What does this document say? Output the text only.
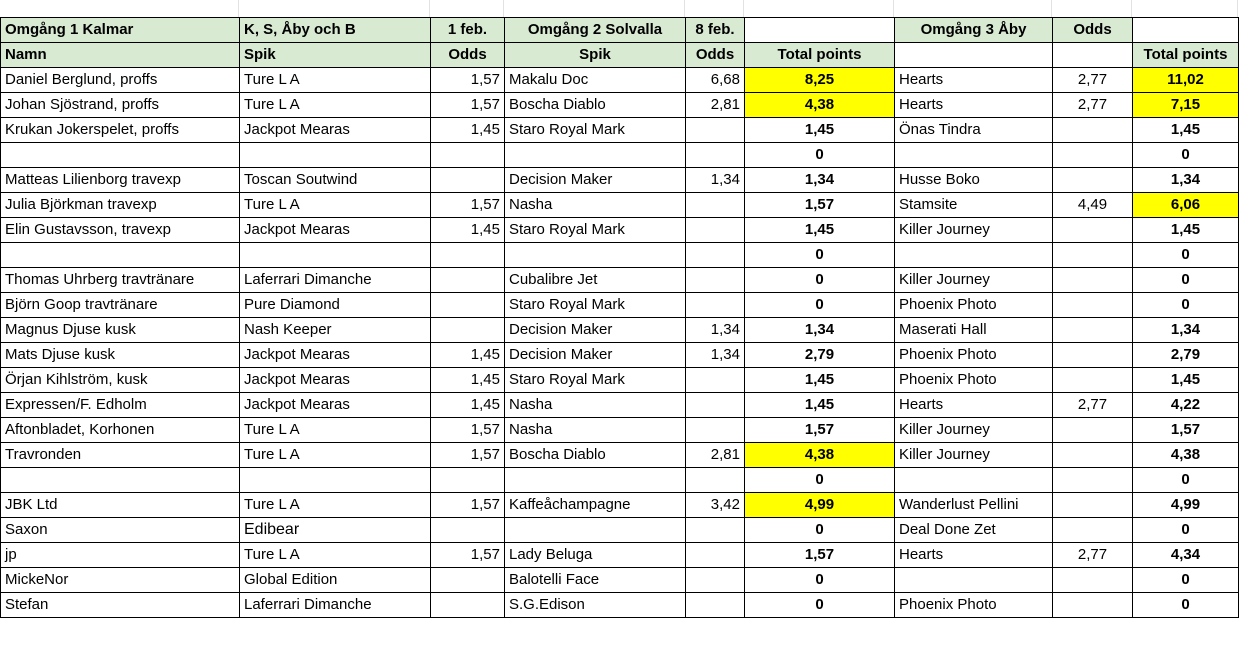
Omgång 1 Kalmar	K, S, Åby och B	1 feb.	Omgång 2 Solvalla	8 feb.		Omgång 3 Åby	Odds	
Namn	Spik	Odds	Spik	Odds	Total points			Total points
Daniel Berglund, proffs	Ture L A	1,57	Makalu Doc	6,68	8,25	Hearts	2,77	11,02
Johan Sjöstrand, proffs	Ture L A	1,57	Boscha Diablo	2,81	4,38	Hearts	2,77	7,15
Krukan Jokerspelet, proffs	Jackpot Mearas	1,45	Staro Royal Mark		1,45	Önas Tindra		1,45
					0			0
Matteas Lilienborg travexp	Toscan Soutwind		Decision Maker	1,34	1,34	Husse Boko		1,34
Julia Björkman travexp	Ture L A	1,57	Nasha		1,57	Stamsite	4,49	6,06
Elin Gustavsson, travexp	Jackpot Mearas	1,45	Staro Royal Mark		1,45	Killer Journey		1,45
					0			0
Thomas Uhrberg travtränare	Laferrari Dimanche		Cubalibre Jet		0	Killer Journey		0
Björn Goop travtränare	Pure Diamond		Staro Royal Mark		0	Phoenix Photo		0
Magnus Djuse kusk	Nash Keeper		Decision Maker	1,34	1,34	Maserati Hall		1,34
Mats Djuse kusk	Jackpot Mearas	1,45	Decision Maker	1,34	2,79	Phoenix Photo		2,79
Örjan Kihlström, kusk	Jackpot Mearas	1,45	Staro Royal Mark		1,45	Phoenix Photo		1,45
Expressen/F. Edholm	Jackpot Mearas	1,45	Nasha		1,45	Hearts	2,77	4,22
Aftonbladet, Korhonen	Ture L A	1,57	Nasha		1,57	Killer Journey		1,57
Travronden	Ture L A	1,57	Boscha Diablo	2,81	4,38	Killer Journey		4,38
					0			0
JBK Ltd	Ture L A	1,57	Kaffeåchampagne	3,42	4,99	Wanderlust Pellini		4,99
Saxon	Edibear				0	Deal Done Zet		0
jp	Ture L A	1,57	Lady Beluga		1,57	Hearts	2,77	4,34
MickeNor	Global Edition		Balotelli Face		0			0
Stefan	Laferrari Dimanche		S.G.Edison		0	Phoenix Photo		0
